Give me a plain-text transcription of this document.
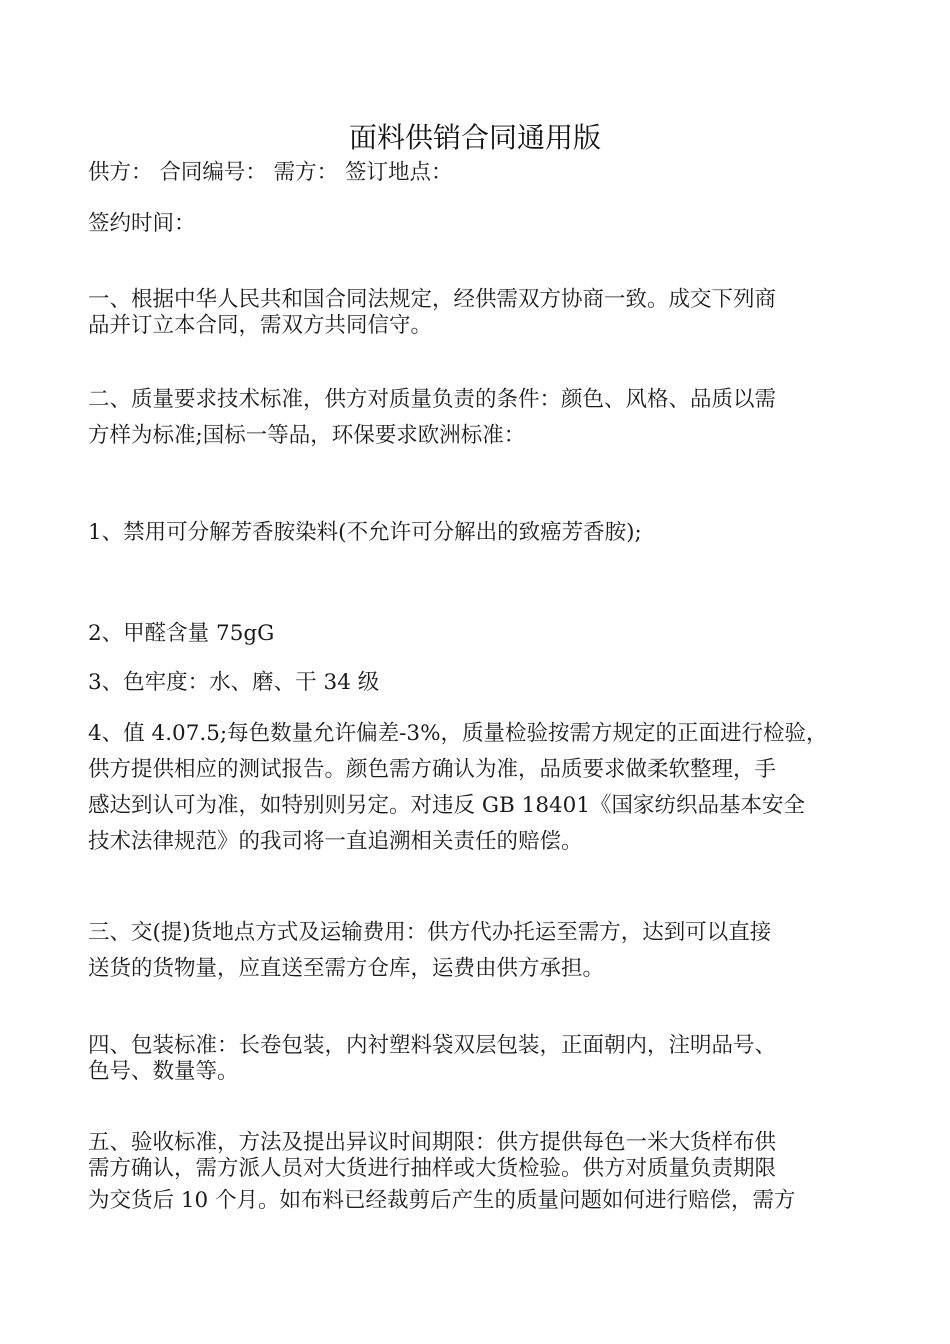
面料供销合同通用版

供方： 合同编号： 需方： 签订地点：

签约时间：

一、根据中华人民共和国合同法规定，经供需双方协商一致。成交下列商
品并订立本合同，需双方共同信守。

二、质量要求技术标准，供方对质量负责的条件：颜色、风格、品质以需
方样为标准;国标一等品，环保要求欧洲标准：

1、禁用可分解芳香胺染料(不允许可分解出的致癌芳香胺);

2、甲醛含量 75gG

3、色牢度：水、磨、干 34 级

4、值 4.07.5;每色数量允许偏差-3%，质量检验按需方规定的正面进行检验，
供方提供相应的测试报告。颜色需方确认为准，品质要求做柔软整理，手
感达到认可为准，如特别则另定。对违反 GB 18401《国家纺织品基本安全
技术法律规范》的我司将一直追溯相关责任的赔偿。

三、交(提)货地点方式及运输费用：供方代办托运至需方，达到可以直接
送货的货物量，应直送至需方仓库，运费由供方承担。

四、包装标准：长卷包装，内衬塑料袋双层包装，正面朝内，注明品号、
色号、数量等。

五、验收标准，方法及提出异议时间期限：供方提供每色一米大货样布供
需方确认，需方派人员对大货进行抽样或大货检验。供方对质量负责期限
为交货后 10 个月。如布料已经裁剪后产生的质量问题如何进行赔偿，需方
